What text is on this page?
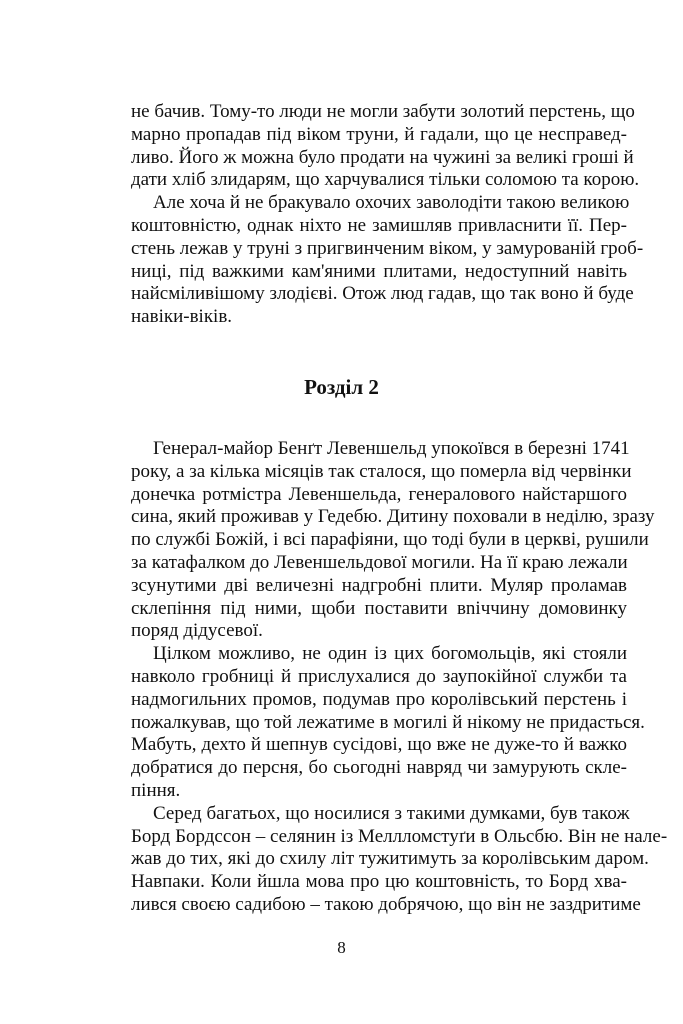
не бачив. Тому-то люди не могли забути золотий перстень, що
марно пропадав під віком труни, й гадали, що це несправед-
ливо. Його ж можна було продати на чужині за великі гроші й
дати хліб злидарям, що харчувалися тільки соломою та корою.
Але хоча й не бракувало охочих заволодіти такою великою
коштовністю, однак ніхто не замишляв привласнити її. Пер-
стень лежав у труні з пригвинченим віком, у замурованій гроб-
ниці, під важкими кам'яними плитами, недоступний навіть
найсміливішому злодієві. Отож люд гадав, що так воно й буде
навіки-віків.
Розділ 2
Генерал-майор Бенґт Левеншельд упокоївся в березні 1741
року, а за кілька місяців так сталося, що померла від червінки
донечка ротмістра Левеншельда, генералового найстаршого
сина, який проживав у Гедебю. Дитину поховали в неділю, зразу
по службі Божій, і всі парафіяни, що тоді були в церкві, рушили
за катафалком до Левеншельдової могили. На її краю лежали
зсунутими дві величезні надгробні плити. Муляр проламав
склепіння під ними, щоби поставити вniччину домовинку
поряд дідусевої.
Цілком можливо, не один із цих богомольців, які стояли
навколо гробниці й прислухалися до заупокійної служби та
надмогильних промов, подумав про королівський перстень і
пожалкував, що той лежатиме в могилі й нікому не придасться.
Мабуть, дехто й шепнув сусідові, що вже не дуже-то й важко
добратися до персня, бо сьогодні навряд чи замурують скле-
піння.
Серед багатьох, що носилися з такими думками, був також
Борд Бордссон – селянин із Меллломстуґи в Ольсбю. Він не нале-
жав до тих, які до схилу літ тужитимуть за королівським даром.
Навпаки. Коли йшла мова про цю коштовність, то Борд хва-
лився своєю садибою – такою добрячою, що він не заздритиме
8
